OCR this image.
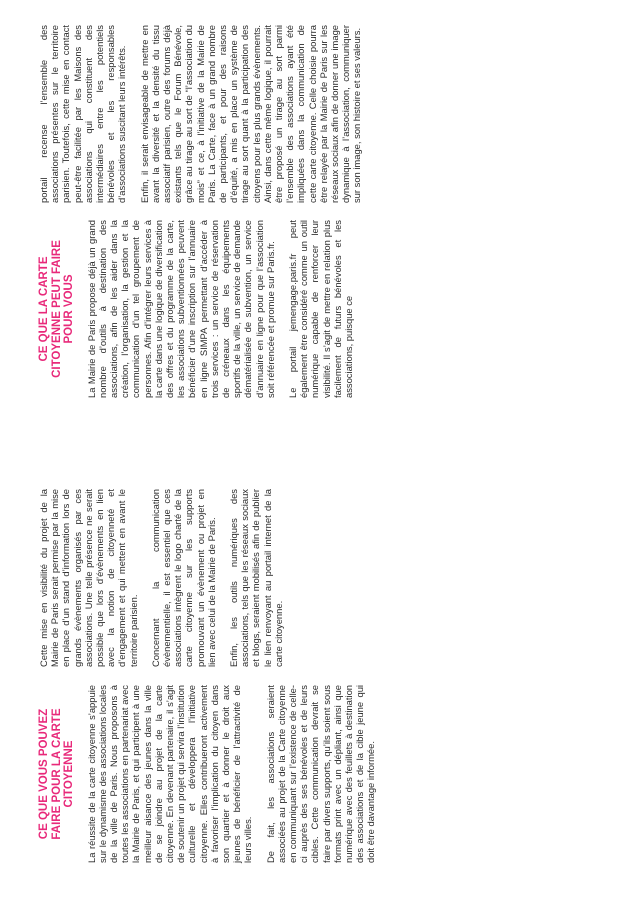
CE QUE VOUS POUVEZ FAIRE POUR LA CARTE CITOYENNE La réussite de la carte citoyenne s’appuie sur le dynamisme des associations locales de la ville de Paris. Nous proposons à toutes les associations en partenariat avec la Mairie de Paris, et qui participent à une meilleur aisance des jeunes dans la ville de se joindre au projet de la carte citoyenne. En devenant partenaire, il s’agit de soutenir un projet qui servira l’institution culturelle et développera l’initiative citoyenne. Elles contribueront activement à favoriser l’implication du citoyen dans son quartier et à donner le droit aux jeunes de bénéficier de l’attractivité de leurs villes. De fait, les associations seraient associées au projet de la Carte citoyenne en communiquant sur l’existence de celle-ci auprès des ses bénévoles et de leurs cibles. Cette communication devrait se faire par divers supports, qu’ils soient sous formats print avec un dépliant, ainsi que numérique avec des feuillets à destination des associations et de la cible jeune qui doit être davantage informée.

Cette mise en visibilité du projet de la Mairie de Paris serait permise par la mise en place d’un stand d’information lors de grands évènements organisés par ces associations. Une telle présence ne serait possible que lors d’évènements en lien avec la notion de citoyenneté et d’engagement et qui mettent en avant le territoire parisien. Concernant la communication évènementielle, il est essentiel que ces associations intègrent le logo charté de la carte citoyenne sur les supports promouvant un évènement ou projet en lien avec celui de la Mairie de Paris. Enfin, les outils numériques des associations, tels que les réseaux sociaux et blogs, seraient mobilisés afin de publier le lien renvoyant au portail internet de la carte citoyenne.

CE QUE LA CARTE CITOYENNE PEUT FAIRE POUR VOUS La Mairie de Paris propose déjà un grand nombre d’outils à destination des associations, afin de les aider dans la création, l’organisation, la gestion et la communication d’un tel groupement de personnes. Afin d’intégrer leurs services à la carte dans une logique de diversification des offres et du programme de la carte, les associations subventionnées peuvent bénéficier d’une inscription sur l’annuaire en ligne SIMPA permettant d’accéder à trois services : un service de réservation de créneaux dans les équipements sportifs de la ville, un service de demande dématérialisée de subvention, un service d’annuaire en ligne pour que l’association soit référencée et promue sur Paris.fr. Le portail jemengage.paris.fr peut également être considéré comme un outil numérique capable de renforcer leur visibilité. Il s’agit de mettre en relation plus facilement de futurs bénévoles et les associations, puisque ce

portail recense l’ensemble des associations présentes sur le territoire parisien. Toutefois, cette mise en contact peut-être facilitée par les Maisons des associations qui constituent des intermédiaires entre les potentiels bénévoles et les responsables d’associations suscitant leurs intérêts. Enfin, il serait envisageable de mettre en avant la diversité et la densité du tissu associatif parisien, outre des forums déjà existants tels que le Forum Bénévole, grâce au tirage au sort de “l’association du mois” et ce, à l’initiative de la Mairie de Paris. La Carte, face à un grand nombre de participants, et pour des raisons d’équité, a mis en place un système de tirage au sort quant à la participation des citoyens pour les plus grands évènements. Ainsi, dans cette même logique, il pourrait être proposé un tirage au sort parmi l’ensemble des associations ayant été impliquées dans la communication de cette carte citoyenne. Celle choisie pourra être relayée par la Mairie de Paris sur les réseaux sociaux afin de donner une image dynamique à l’association, communiquer sur son image, son histoire et ses valeurs.
